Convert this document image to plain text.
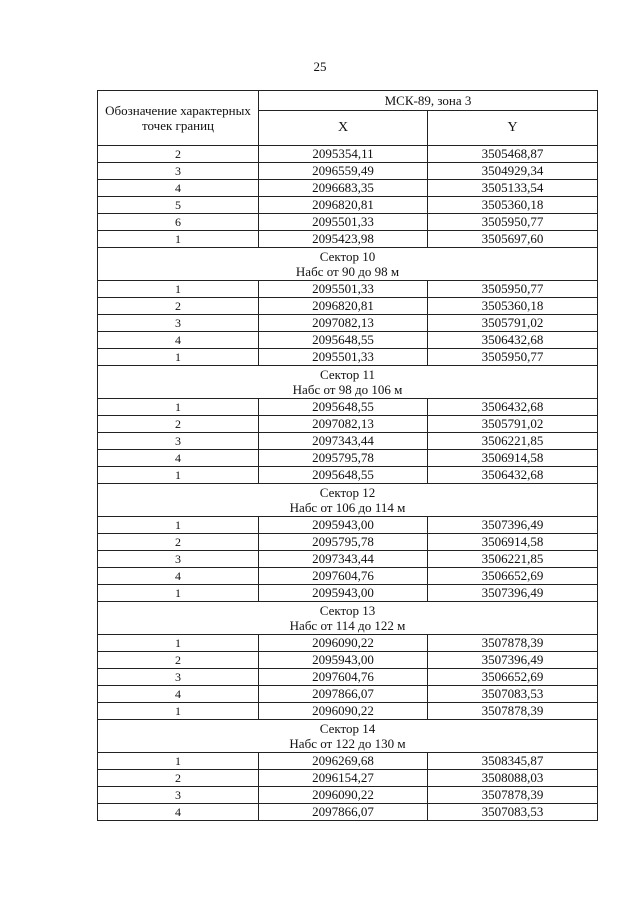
25
Обозначение характерных точек границ	МСК-89, зона 3	
	X	Y
2	2095354,11	3505468,87
3	2096559,49	3504929,34
4	2096683,35	3505133,54
5	2096820,81	3505360,18
6	2095501,33	3505950,77
1	2095423,98	3505697,60

Сектор 10
Набс от 90 до 98 м		

1	2095501,33	3505950,77
2	2096820,81	3505360,18
3	2097082,13	3505791,02
4	2095648,55	3506432,68
1	2095501,33	3505950,77

Сектор 11
Набс от 98 до 106 м		

1	2095648,55	3506432,68
2	2097082,13	3505791,02
3	2097343,44	3506221,85
4	2095795,78	3506914,58
1	2095648,55	3506432,68

Сектор 12
Набс от 106 до 114 м		

1	2095943,00	3507396,49
2	2095795,78	3506914,58
3	2097343,44	3506221,85
4	2097604,76	3506652,69
1	2095943,00	3507396,49

Сектор 13
Набс от 114 до 122 м		

1	2096090,22	3507878,39
2	2095943,00	3507396,49
3	2097604,76	3506652,69
4	2097866,07	3507083,53
1	2096090,22	3507878,39

Сектор 14
Набс от 122 до 130 м		

1	2096269,68	3508345,87
2	2096154,27	3508088,03
3	2096090,22	3507878,39
4	2097866,07	3507083,53
